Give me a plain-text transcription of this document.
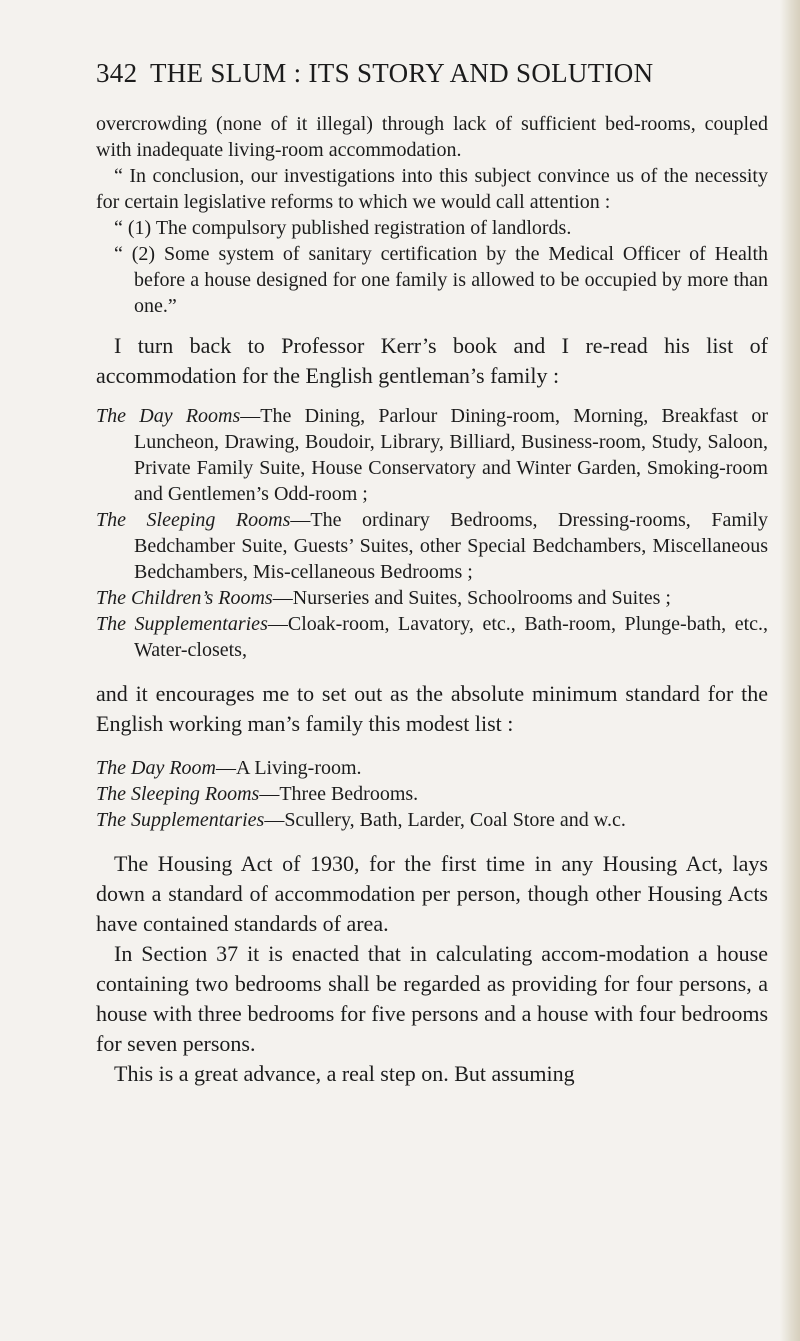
342 THE SLUM : ITS STORY AND SOLUTION

overcrowding (none of it illegal) through lack of sufficient bed-rooms, coupled with inadequate living-room accommodation.

“ In conclusion, our investigations into this subject convince us of the necessity for certain legislative reforms to which we would call attention :

“ (1) The compulsory published registration of landlords.

“ (2) Some system of sanitary certification by the Medical Officer of Health before a house designed for one family is allowed to be occupied by more than one.”

I turn back to Professor Kerr’s book and I re-read his list of accommodation for the English gentleman’s family :

The Day Rooms—The Dining, Parlour Dining-room, Morning, Breakfast or Luncheon, Drawing, Boudoir, Library, Billiard, Business-room, Study, Saloon, Private Family Suite, House Conservatory and Winter Garden, Smoking-room and Gentlemen’s Odd-room ;

The Sleeping Rooms—The ordinary Bedrooms, Dressing-rooms, Family Bedchamber Suite, Guests’ Suites, other Special Bedchambers, Miscellaneous Bedchambers, Mis-cellaneous Bedrooms ;

The Children’s Rooms—Nurseries and Suites, Schoolrooms and Suites ;

The Supplementaries—Cloak-room, Lavatory, etc., Bath-room, Plunge-bath, etc., Water-closets,

and it encourages me to set out as the absolute minimum standard for the English working man’s family this modest list :

The Day Room—A Living-room.

The Sleeping Rooms—Three Bedrooms.

The Supplementaries—Scullery, Bath, Larder, Coal Store and w.c.

The Housing Act of 1930, for the first time in any Housing Act, lays down a standard of accommodation per person, though other Housing Acts have contained standards of area.

In Section 37 it is enacted that in calculating accom-modation a house containing two bedrooms shall be regarded as providing for four persons, a house with three bedrooms for five persons and a house with four bedrooms for seven persons.

This is a great advance, a real step on. But assuming
